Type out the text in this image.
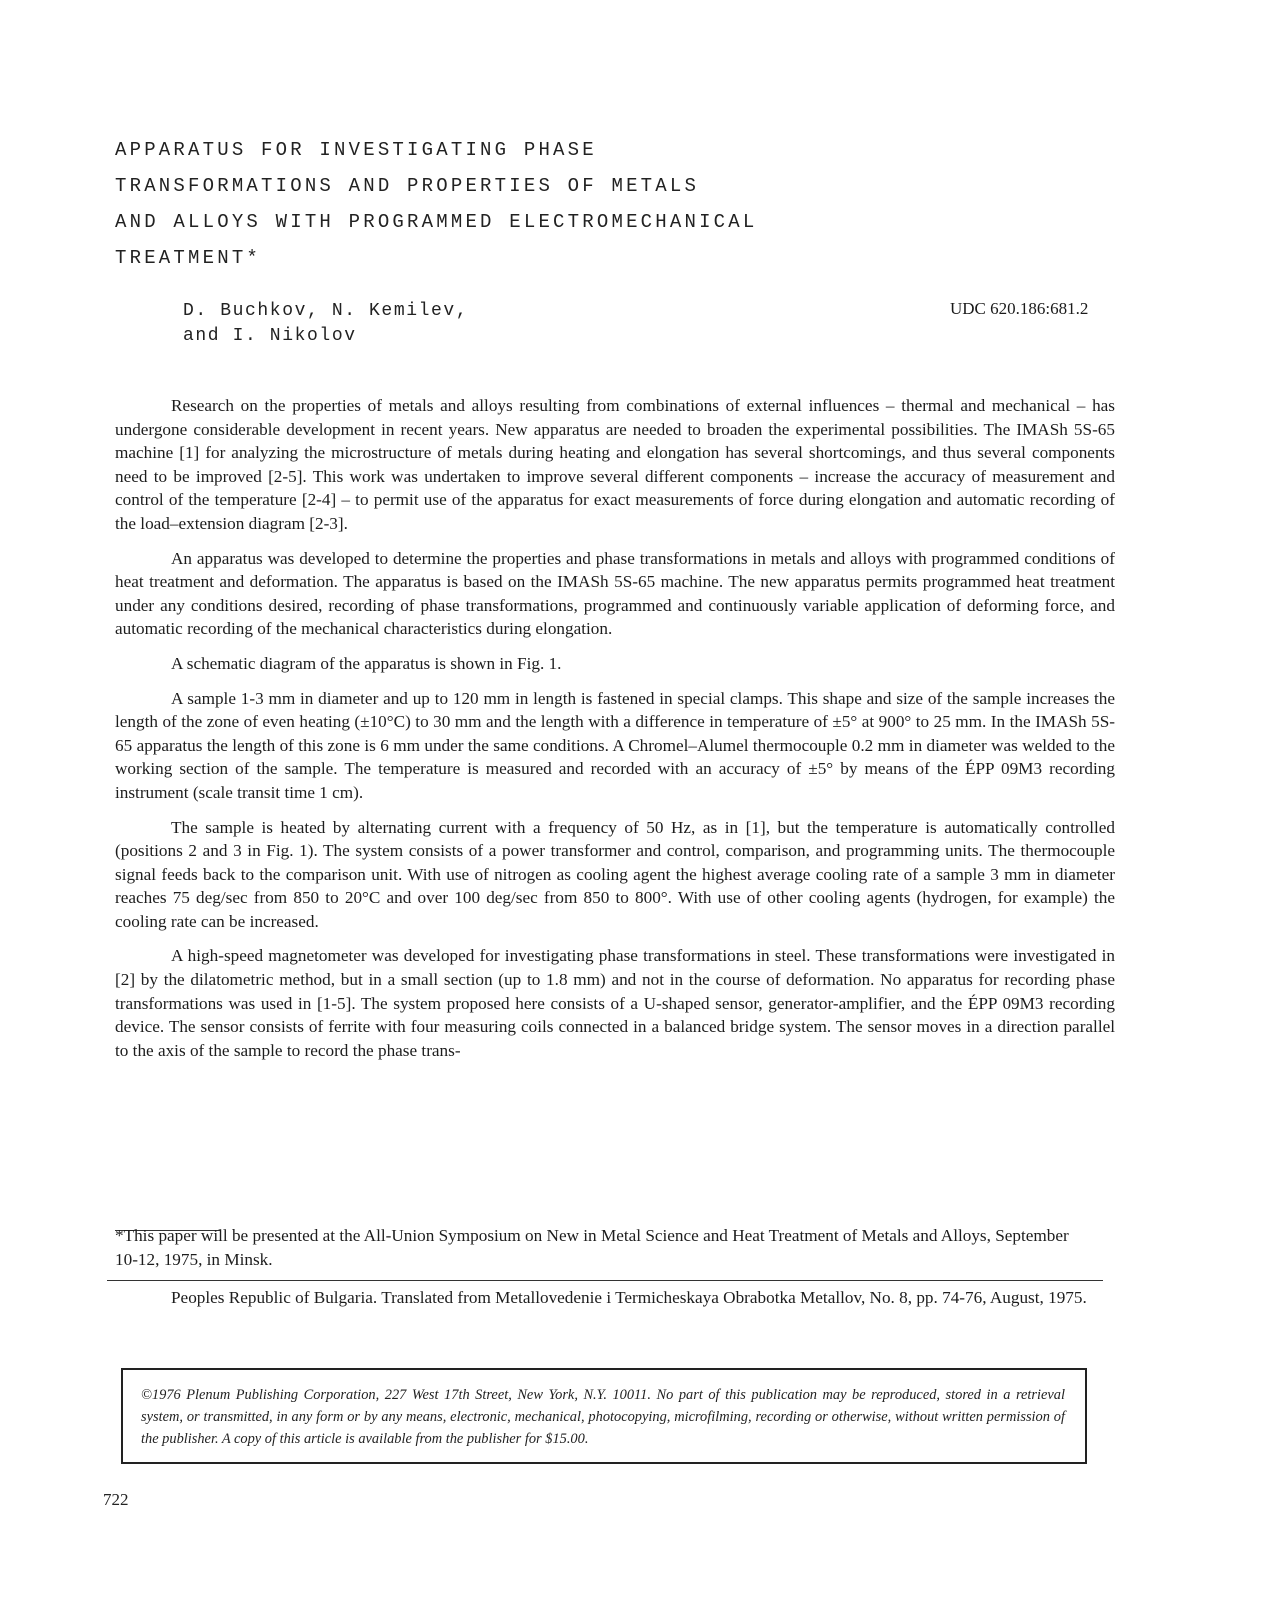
APPARATUS FOR INVESTIGATING PHASE
TRANSFORMATIONS AND PROPERTIES OF METALS
AND ALLOYS WITH PROGRAMMED ELECTROMECHANICAL
TREATMENT*
D. Buchkov, N. Kemilev,
and I. Nikolov
UDC 620.186:681.2

Research on the properties of metals and alloys resulting from combinations of external influences – thermal and mechanical – has undergone considerable development in recent years. New apparatus are needed to broaden the experimental possibilities. The IMASh 5S-65 machine [1] for analyzing the microstructure of metals during heating and elongation has several shortcomings, and thus several components need to be improved [2-5]. This work was undertaken to improve several different components – increase the accuracy of measurement and control of the temperature [2-4] – to permit use of the apparatus for exact measurements of force during elongation and automatic recording of the load–extension diagram [2-3].

An apparatus was developed to determine the properties and phase transformations in metals and alloys with programmed conditions of heat treatment and deformation. The apparatus is based on the IMASh 5S-65 machine. The new apparatus permits programmed heat treatment under any conditions desired, recording of phase transformations, programmed and continuously variable application of deforming force, and automatic recording of the mechanical characteristics during elongation.

A schematic diagram of the apparatus is shown in Fig. 1.

A sample 1-3 mm in diameter and up to 120 mm in length is fastened in special clamps. This shape and size of the sample increases the length of the zone of even heating (±10°C) to 30 mm and the length with a difference in temperature of ±5° at 900° to 25 mm. In the IMASh 5S-65 apparatus the length of this zone is 6 mm under the same conditions. A Chromel–Alumel thermocouple 0.2 mm in diameter was welded to the working section of the sample. The temperature is measured and recorded with an accuracy of ±5° by means of the ÉPP 09M3 recording instrument (scale transit time 1 cm).

The sample is heated by alternating current with a frequency of 50 Hz, as in [1], but the temperature is automatically controlled (positions 2 and 3 in Fig. 1). The system consists of a power transformer and control, comparison, and programming units. The thermocouple signal feeds back to the comparison unit. With use of nitrogen as cooling agent the highest average cooling rate of a sample 3 mm in diameter reaches 75 deg/sec from 850 to 20°C and over 100 deg/sec from 850 to 800°. With use of other cooling agents (hydrogen, for example) the cooling rate can be increased.

A high-speed magnetometer was developed for investigating phase transformations in steel. These transformations were investigated in [2] by the dilatometric method, but in a small section (up to 1.8 mm) and not in the course of deformation. No apparatus for recording phase transformations was used in [1-5]. The system proposed here consists of a U-shaped sensor, generator-amplifier, and the ÉPP 09M3 recording device. The sensor consists of ferrite with four measuring coils connected in a balanced bridge system. The sensor moves in a direction parallel to the axis of the sample to record the phase trans-

*This paper will be presented at the All-Union Symposium on New in Metal Science and Heat Treatment of Metals and Alloys, September 10-12, 1975, in Minsk.
Peoples Republic of Bulgaria. Translated from Metallovedenie i Termicheskaya Obrabotka Metallov, No. 8, pp. 74-76, August, 1975.
©1976 Plenum Publishing Corporation, 227 West 17th Street, New York, N.Y. 10011. No part of this publication may be reproduced, stored in a retrieval system, or transmitted, in any form or by any means, electronic, mechanical, photocopying, microfilming, recording or otherwise, without written permission of the publisher. A copy of this article is available from the publisher for $15.00.
722
